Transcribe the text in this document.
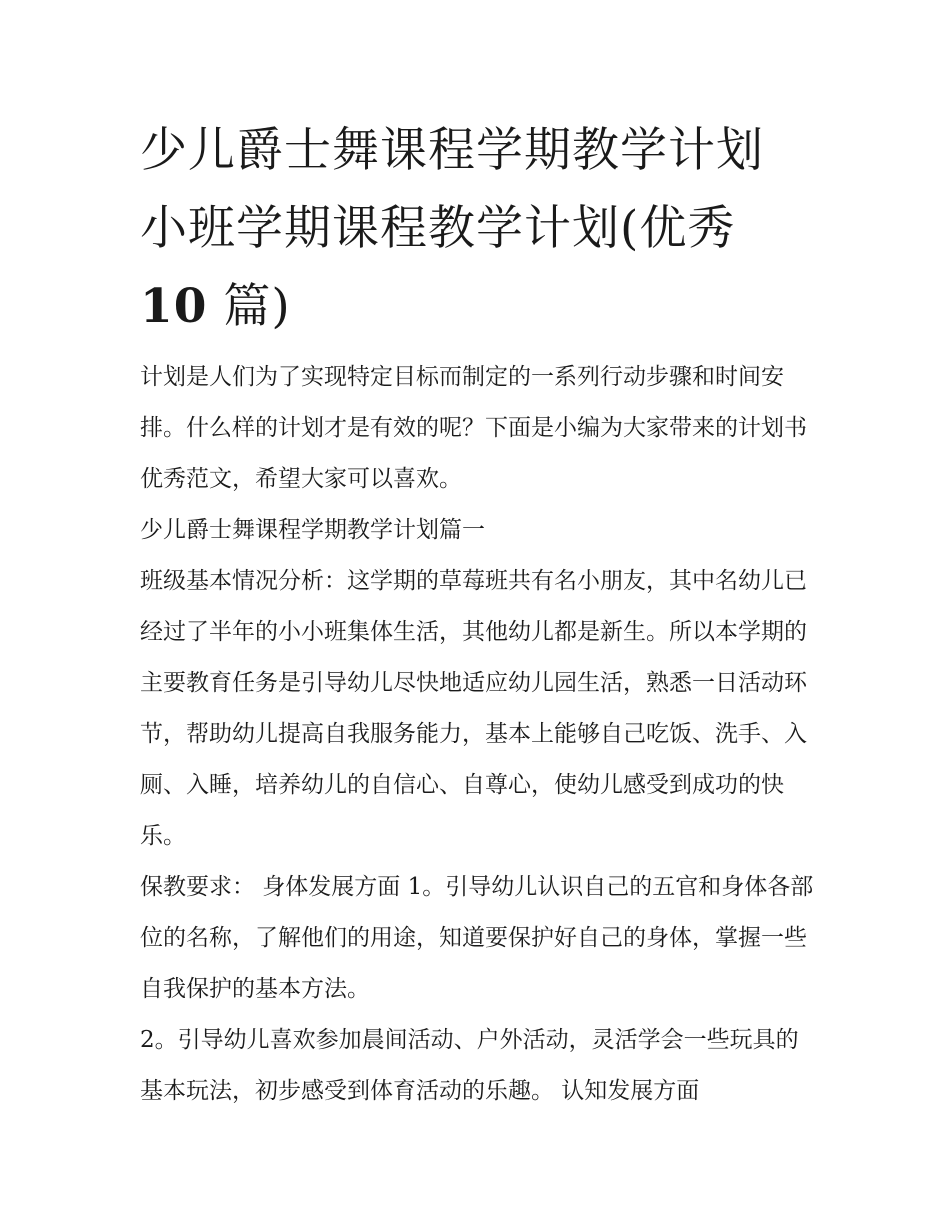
少儿爵士舞课程学期教学计划
小班学期课程教学计划(优秀
10 篇)

计划是人们为了实现特定目标而制定的一系列行动步骤和时间安排。什么样的计划才是有效的呢？下面是小编为大家带来的计划书优秀范文，希望大家可以喜欢。

少儿爵士舞课程学期教学计划篇一

班级基本情况分析：这学期的草莓班共有名小朋友，其中名幼儿已经过了半年的小小班集体生活，其他幼儿都是新生。所以本学期的主要教育任务是引导幼儿尽快地适应幼儿园生活，熟悉一日活动环节，帮助幼儿提高自我服务能力，基本上能够自己吃饭、洗手、入厕、入睡，培养幼儿的自信心、自尊心，使幼儿感受到成功的快乐。

保教要求： 身体发展方面 1。引导幼儿认识自己的五官和身体各部位的名称，了解他们的用途，知道要保护好自己的身体，掌握一些自我保护的基本方法。

2。引导幼儿喜欢参加晨间活动、户外活动，灵活学会一些玩具的基本玩法，初步感受到体育活动的乐趣。 认知发展方面
